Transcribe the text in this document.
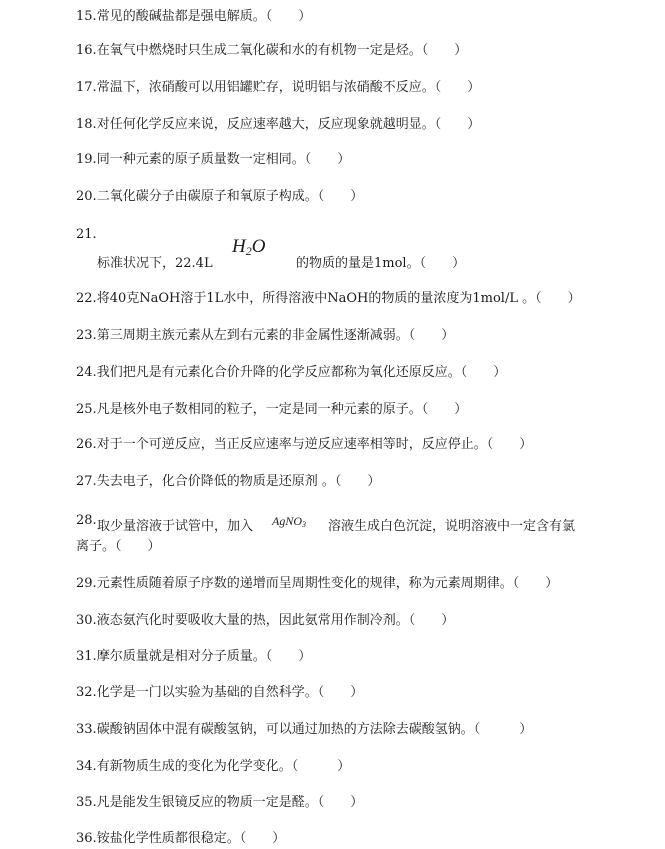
15.常见的酸碱盐都是强电解质。（　　）
16.在氧气中燃烧时只生成二氧化碳和水的有机物一定是烃。（　　）
17.常温下，浓硝酸可以用铝罐贮存，说明铝与浓硝酸不反应。（　　）
18.对任何化学反应来说，反应速率越大，反应现象就越明显。（　　）
19.同一种元素的原子质量数一定相同。（　　）
20.二氧化碳分子由碳原子和氧原子构成。（　　）
21.
标准状况下，22.4L
$H_2O$
的物质的量是1mol。（　　）
22.将40克NaOH溶于1L水中，所得溶液中NaOH的物质的量浓度为1mol/L 。（　　）
23.第三周期主族元素从左到右元素的非金属性逐渐减弱。（　　）
24.我们把凡是有元素化合价升降的化学反应都称为氧化还原反应。（　　）
25.凡是核外电子数相同的粒子，一定是同一种元素的原子。（　　）
26.对于一个可逆反应，当正反应速率与逆反应速率相等时，反应停止。（　　）
27.失去电子，化合价降低的物质是还原剂 。（　　）
28. 取少量溶液于试管中，加入	AgNO$_3$ 溶液生成白色沉淀，说明溶液中一定含有氯
离子。（　　）
29.元素性质随着原子序数的递增而呈周期性变化的规律，称为元素周期律。（　　）
30.液态氨汽化时要吸收大量的热，因此氨常用作制冷剂。（　　）
31.摩尔质量就是相对分子质量。（　　）
32.化学是一门以实验为基础的自然科学。（　　）
33.碳酸钠固体中混有碳酸氢钠，可以通过加热的方法除去碳酸氢钠。（　　　）
34.有新物质生成的变化为化学变化。（　　　）
35.凡是能发生银镜反应的物质一定是醛。（　　）
36.铵盐化学性质都很稳定。（　　）
